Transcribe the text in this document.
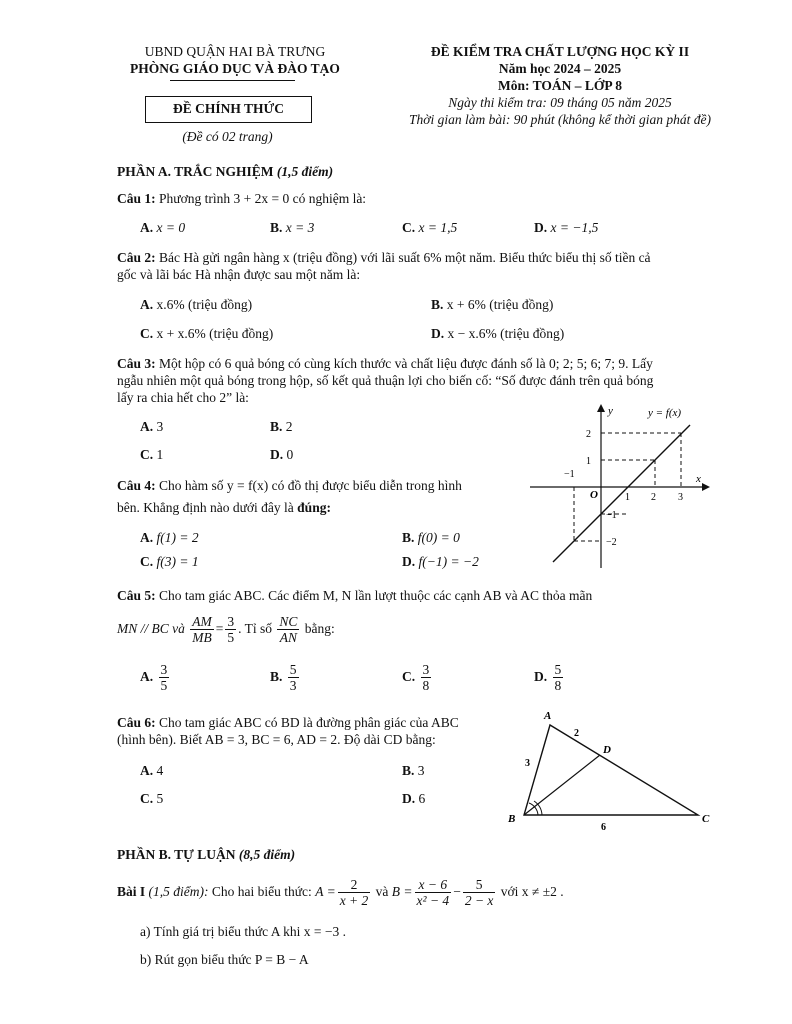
UBND QUẬN HAI BÀ TRƯNG
PHÒNG GIÁO DỤC VÀ ĐÀO TẠO
ĐỀ CHÍNH THỨC
(Đề có 02 trang)
ĐỀ KIỂM TRA CHẤT LƯỢNG HỌC KỲ II
Năm học 2024 – 2025
Môn: TOÁN – LỚP 8
Ngày thi kiểm tra: 09 tháng 05 năm 2025
Thời gian làm bài: 90 phút (không kể thời gian phát đề)
PHẦN A. TRẮC NGHIỆM (1,5 điểm)
Câu 1: Phương trình 3 + 2x = 0 có nghiệm là:
A. x = 0	B. x = 3	C. x = 1,5	D. x = −1,5
Câu 2: Bác Hà gửi ngân hàng x (triệu đồng) với lãi suất 6% một năm. Biểu thức biểu thị số tiền cả
gốc và lãi bác Hà nhận được sau một năm là:
A. x.6% (triệu đồng)	B. x + 6% (triệu đồng)
C. x + x.6% (triệu đồng)	D. x − x.6% (triệu đồng)
Câu 3: Một hộp có 6 quả bóng có cùng kích thước và chất liệu được đánh số là 0; 2; 5; 6; 7; 9. Lấy
ngẫu nhiên một quả bóng trong hộp, số kết quả thuận lợi cho biến cố: “Số được đánh trên quả bóng
lấy ra chia hết cho 2” là:
A. 3	B. 2
C. 1	D. 0
Câu 4: Cho hàm số y = f(x) có đồ thị được biểu diễn trong hình
bên. Khẳng định nào dưới đây là đúng:
A. f(1) = 2	B. f(0) = 0
C. f(3) = 1	D. f(−1) = −2
y
x
O
y = f(x)
−1
1 2 3
2
1
−1
−2
Câu 5: Cho tam giác ABC. Các điểm M, N lần lượt thuộc các cạnh AB và AC thỏa mãn
MN // BC và $\frac{AM}{MB} = \frac{3}{5}$ . Tỉ số $\frac{NC}{AN}$ bằng:
A. $\frac{3}{5}$	B. $\frac{5}{3}$	C. $\frac{3}{8}$	D. $\frac{5}{8}$
Câu 6: Cho tam giác ABC có BD là đường phân giác của ABC
(hình bên). Biết AB = 3, BC = 6, AD = 2. Độ dài CD bằng:
A. 4	B. 3
C. 5	D. 6
A
B	C
D
3
2
6
PHẦN B. TỰ LUẬN (8,5 điểm)
Bài I (1,5 điểm): Cho hai biểu thức: $A = \frac{2}{x + 2}$ và $B = \frac{x - 6}{\text{x² − 4}} - \frac{5}{2 - x}$ với x ≠ ±2 .
a) Tính giá trị biểu thức A khi x = −3 .
b) Rút gọn biểu thức P = B − A
